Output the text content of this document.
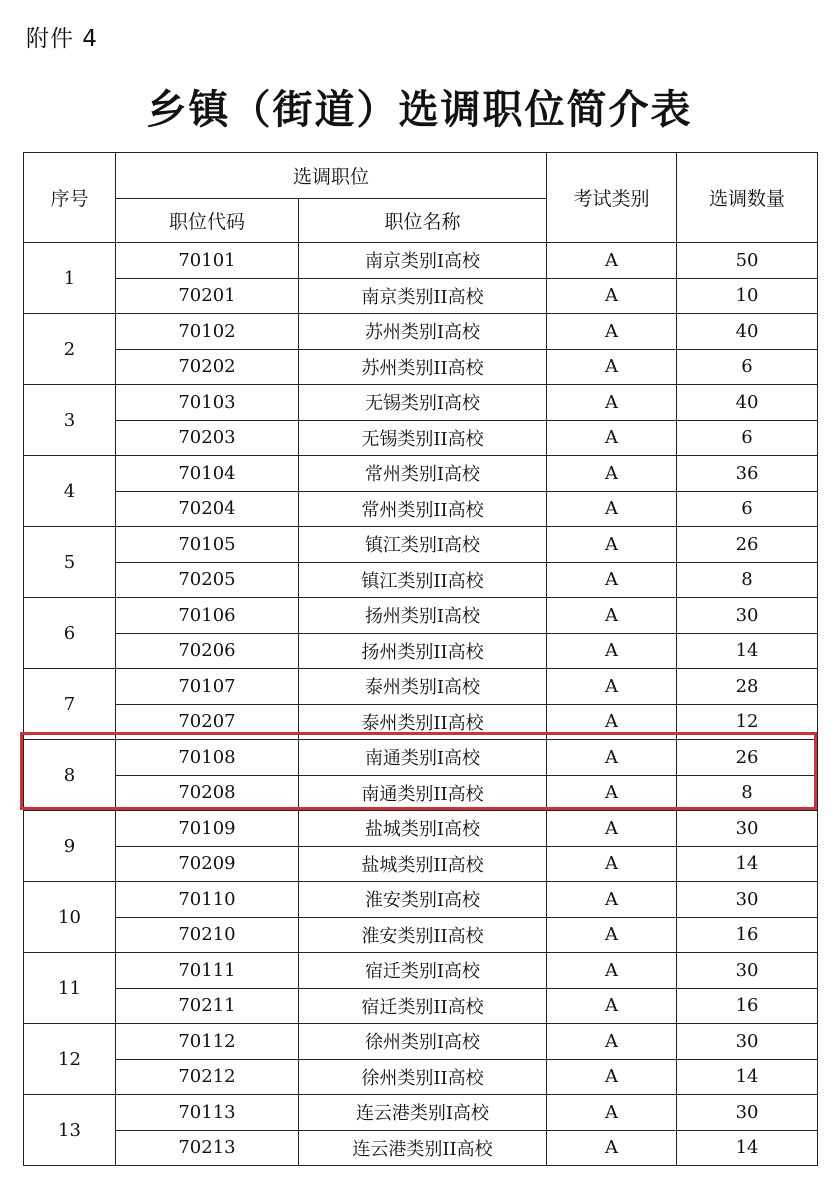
附件 4
乡镇（街道）选调职位简介表
序号	选调职位		考试类别	选调数量
	职位代码	职位名称		
1	70101	南京类别I高校	A	50
	70201	南京类别II高校	A	10
2	70102	苏州类别I高校	A	40
	70202	苏州类别II高校	A	6
3	70103	无锡类别I高校	A	40
	70203	无锡类别II高校	A	6
4	70104	常州类别I高校	A	36
	70204	常州类别II高校	A	6
5	70105	镇江类别I高校	A	26
	70205	镇江类别II高校	A	8
6	70106	扬州类别I高校	A	30
	70206	扬州类别II高校	A	14
7	70107	泰州类别I高校	A	28
	70207	泰州类别II高校	A	12
8	70108	南通类别I高校	A	26
	70208	南通类别II高校	A	8
9	70109	盐城类别I高校	A	30
	70209	盐城类别II高校	A	14
10	70110	淮安类别I高校	A	30
	70210	淮安类别II高校	A	16
11	70111	宿迁类别I高校	A	30
	70211	宿迁类别II高校	A	16
12	70112	徐州类别I高校	A	30
	70212	徐州类别II高校	A	14
13	70113	连云港类别I高校	A	30
	70213	连云港类别II高校	A	14
